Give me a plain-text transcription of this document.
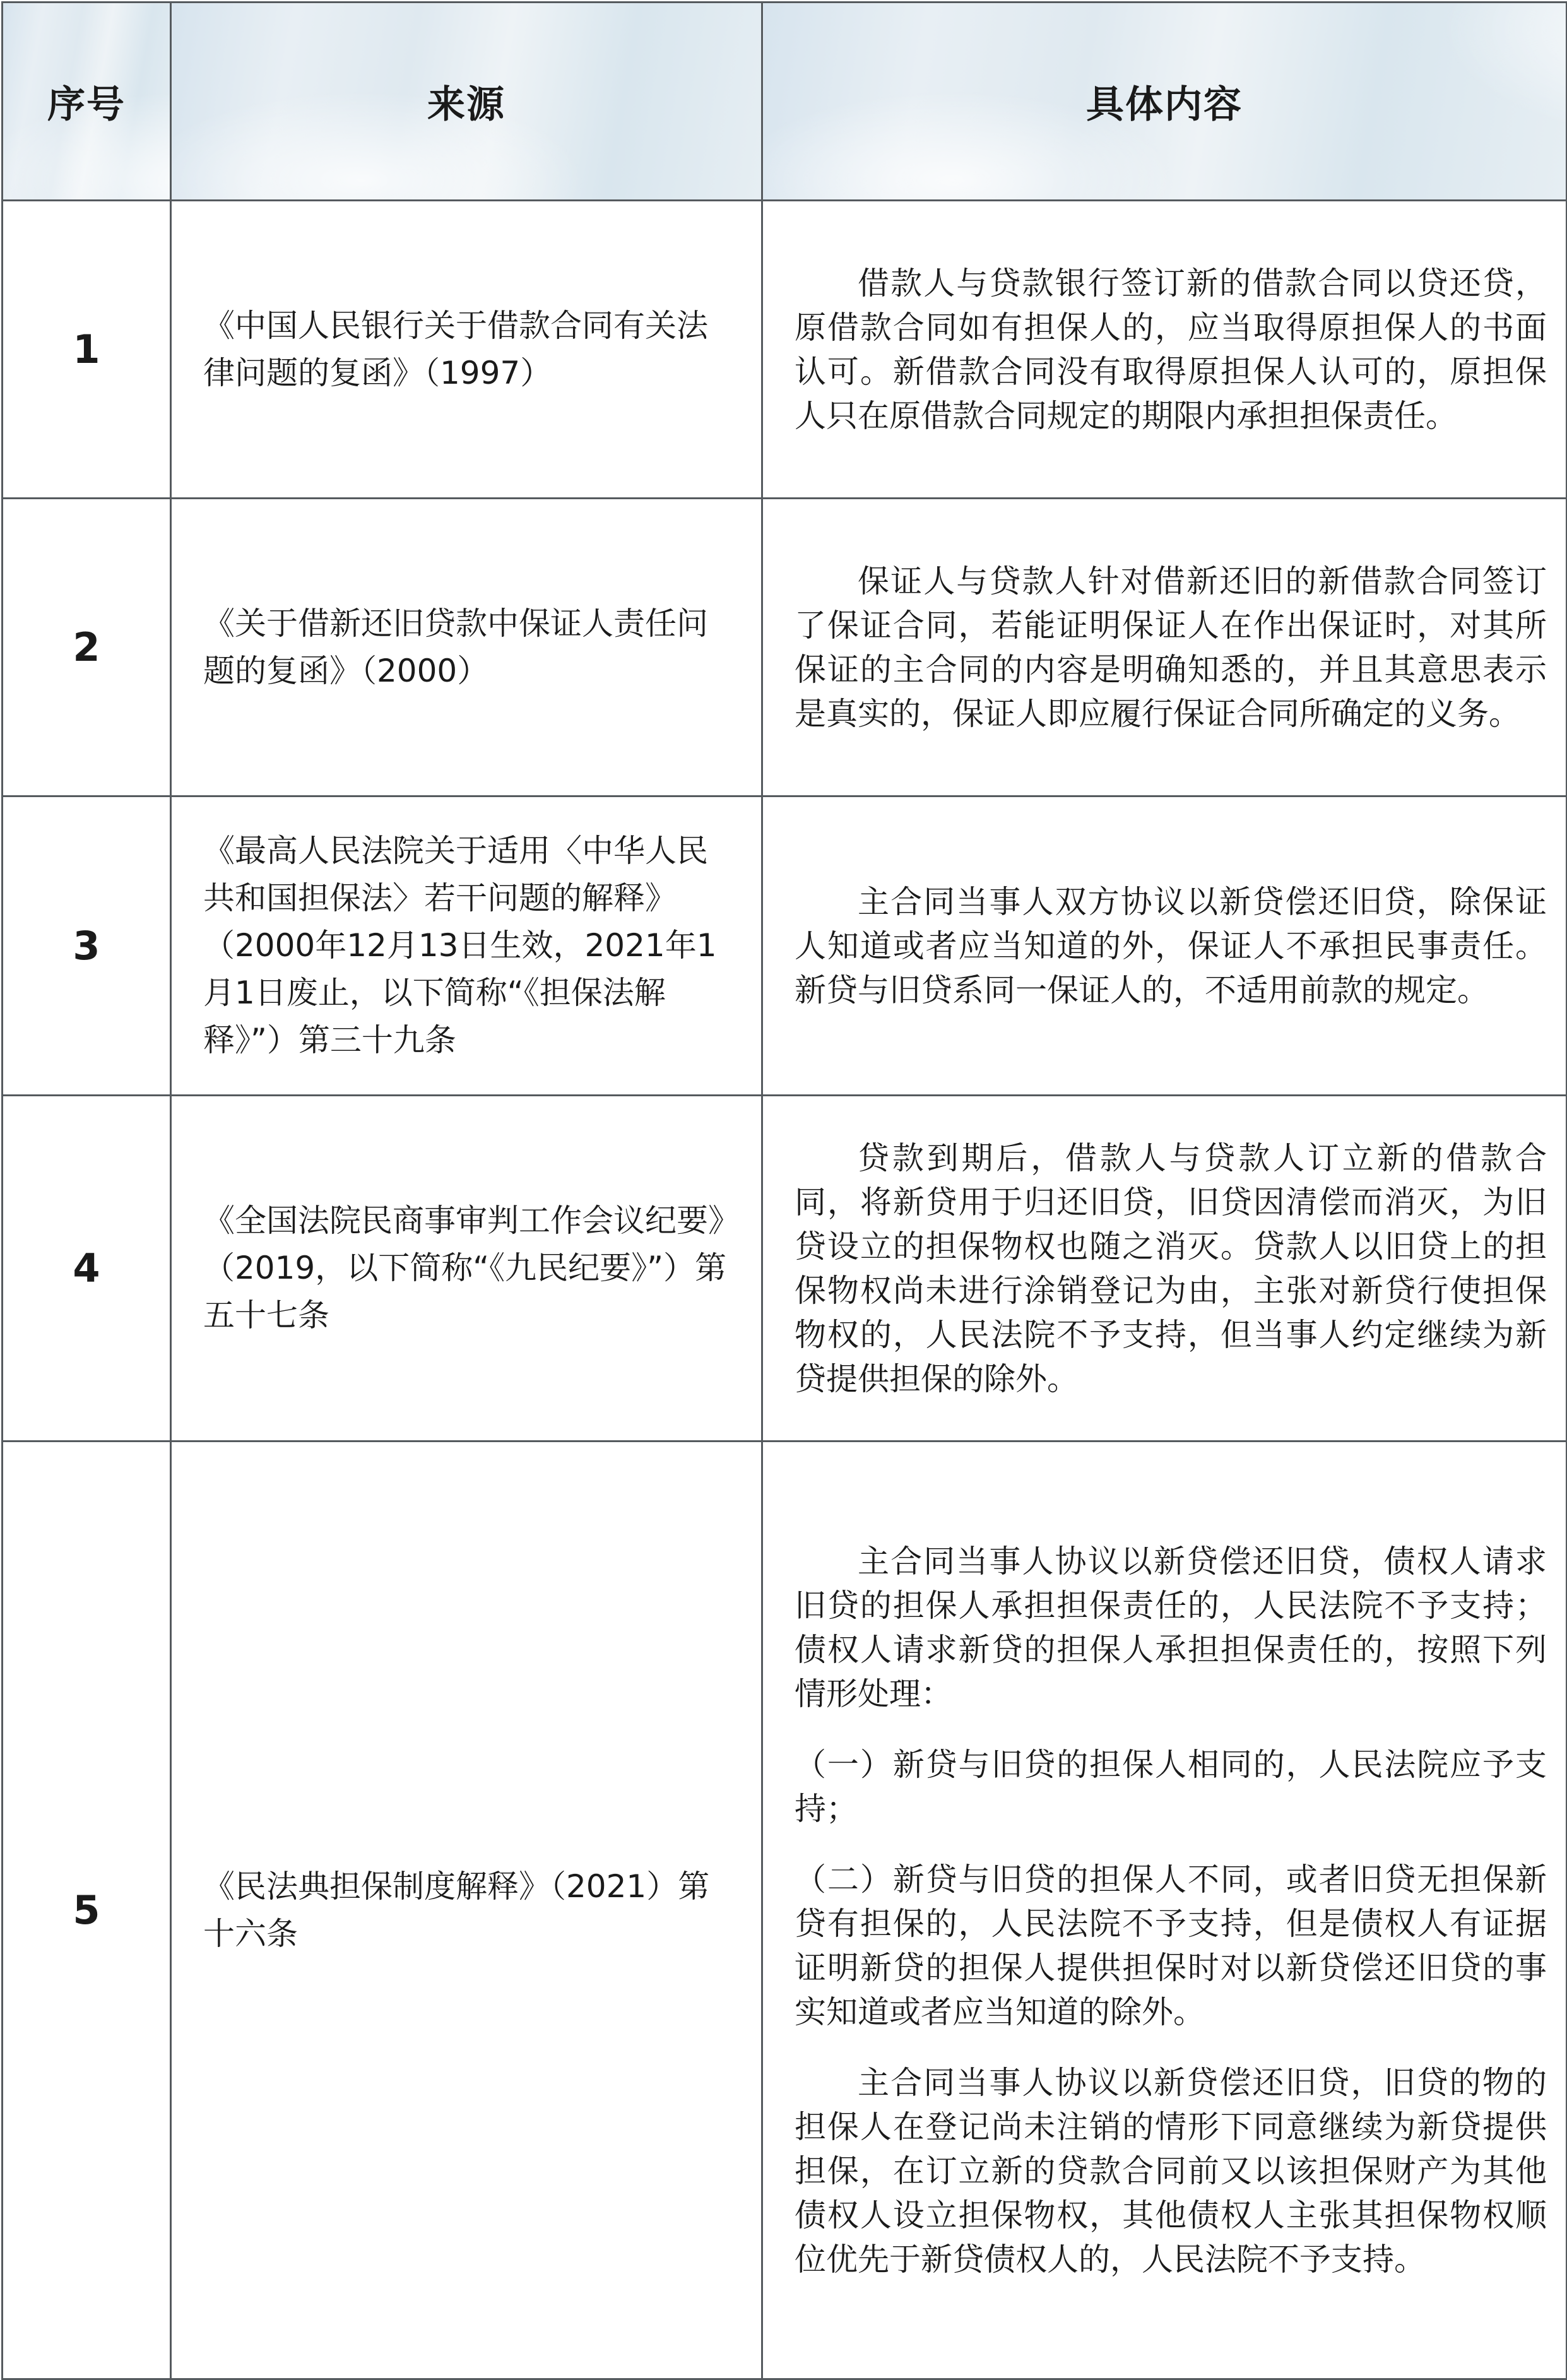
序号	来源	具体内容
1	《中国人民银行关于借款合同有关法律问题的复函》（1997）	借款人与贷款银行签订新的借款合同以贷还贷，原借款合同如有担保人的，应当取得原担保人的书面认可。新借款合同没有取得原担保人认可的，原担保人只在原借款合同规定的期限内承担担保责任。

2	《关于借新还旧贷款中保证人责任问题的复函》（2000）	保证人与贷款人针对借新还旧的新借款合同签订了保证合同，若能证明保证人在作出保证时，对其所保证的主合同的内容是明确知悉的，并且其意思表示是真实的，保证人即应履行保证合同所确定的义务。

3	《最高人民法院关于适用〈中华人民共和国担保法〉若干问题的解释》（2000年12月13日生效，2021年1月1日废止，以下简称“《担保法解释》”）第三十九条	主合同当事人双方协议以新贷偿还旧贷，除保证人知道或者应当知道的外，保证人不承担民事责任。新贷与旧贷系同一保证人的，不适用前款的规定。

4	《全国法院民商事审判工作会议纪要》（2019，以下简称“《九民纪要》”）第五十七条	贷款到期后，借款人与贷款人订立新的借款合同，将新贷用于归还旧贷，旧贷因清偿而消灭，为旧贷设立的担保物权也随之消灭。贷款人以旧贷上的担保物权尚未进行涂销登记为由，主张对新贷行使担保物权的，人民法院不予支持，但当事人约定继续为新贷提供担保的除外。

5	《民法典担保制度解释》（2021）第十六条	主合同当事人协议以新贷偿还旧贷，债权人请求旧贷的担保人承担担保责任的，人民法院不予支持；债权人请求新贷的担保人承担担保责任的，按照下列情形处理：

（一）新贷与旧贷的担保人相同的，人民法院应予支持；

（二）新贷与旧贷的担保人不同，或者旧贷无担保新贷有担保的，人民法院不予支持，但是债权人有证据证明新贷的担保人提供担保时对以新贷偿还旧贷的事实知道或者应当知道的除外。

主合同当事人协议以新贷偿还旧贷，旧贷的物的担保人在登记尚未注销的情形下同意继续为新贷提供担保，在订立新的贷款合同前又以该担保财产为其他债权人设立担保物权，其他债权人主张其担保物权顺位优先于新贷债权人的，人民法院不予支持。
